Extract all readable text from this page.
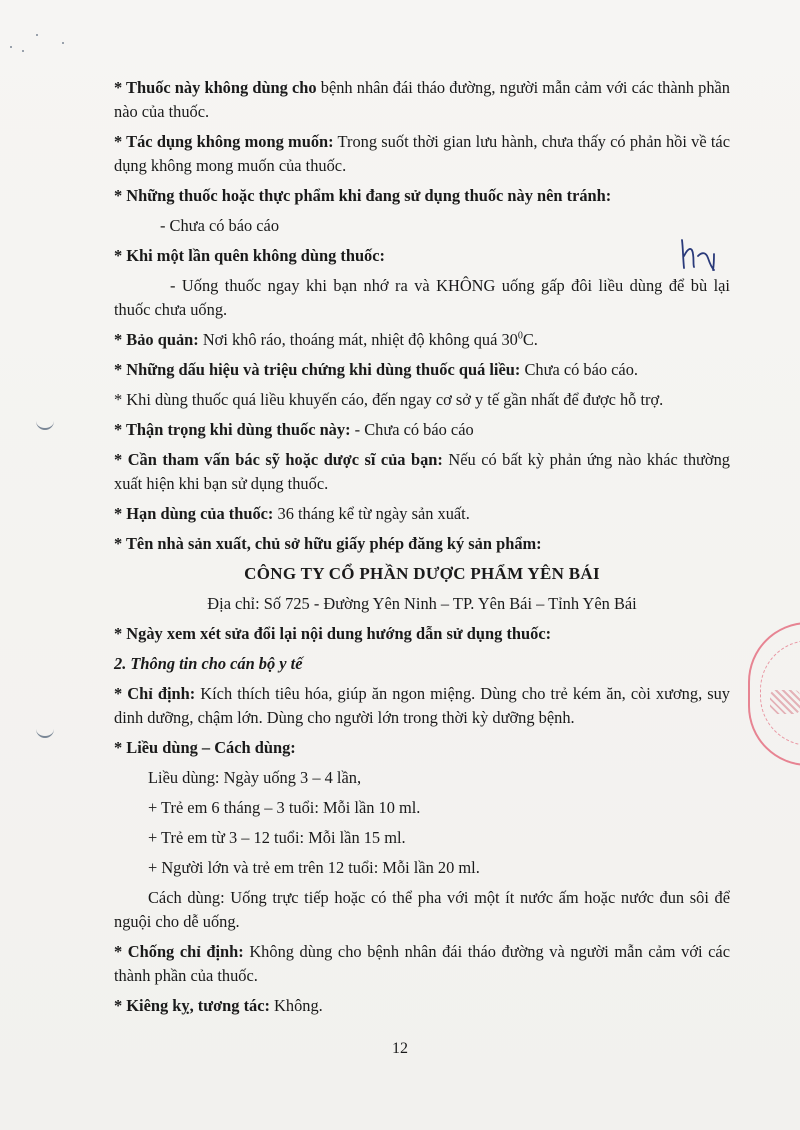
* Thuốc này không dùng cho bệnh nhân đái tháo đường, người mẫn cảm với các thành phần nào của thuốc.

* Tác dụng không mong muốn: Trong suốt thời gian lưu hành, chưa thấy có phản hồi về tác dụng không mong muốn của thuốc.

* Những thuốc hoặc thực phẩm khi đang sử dụng thuốc này nên tránh:

- Chưa có báo cáo

* Khi một lần quên không dùng thuốc:

- Uống thuốc ngay khi bạn nhớ ra và KHÔNG uống gấp đôi liều dùng để bù lại thuốc chưa uống.

* Bảo quản: Nơi khô ráo, thoáng mát, nhiệt độ không quá $30^0C$.

* Những dấu hiệu và triệu chứng khi dùng thuốc quá liều: Chưa có báo cáo.

* Khi dùng thuốc quá liều khuyến cáo, đến ngay cơ sở y tế gần nhất để được hỗ trợ.

* Thận trọng khi dùng thuốc này: - Chưa có báo cáo

* Cần tham vấn bác sỹ hoặc dược sĩ của bạn: Nếu có bất kỳ phản ứng nào khác thường xuất hiện khi bạn sử dụng thuốc.

* Hạn dùng của thuốc: 36 tháng kể từ ngày sản xuất.

* Tên nhà sản xuất, chủ sở hữu giấy phép đăng ký sản phẩm:

CÔNG TY CỔ PHẦN DƯỢC PHẨM YÊN BÁI

Địa chỉ: Số 725 - Đường Yên Ninh – TP. Yên Bái – Tỉnh Yên Bái

* Ngày xem xét sửa đổi lại nội dung hướng dẫn sử dụng thuốc:

2. Thông tin cho cán bộ y tế

* Chỉ định: Kích thích tiêu hóa, giúp ăn ngon miệng. Dùng cho trẻ kém ăn, còi xương, suy dinh dưỡng, chậm lớn. Dùng cho người lớn trong thời kỳ dưỡng bệnh.

* Liều dùng – Cách dùng:

Liều dùng: Ngày uống 3 – 4 lần,

+ Trẻ em 6 tháng – 3 tuổi: Mỗi lần 10 ml.

+ Trẻ em từ 3 – 12 tuổi: Mỗi lần 15 ml.

+ Người lớn và trẻ em trên 12 tuổi: Mỗi lần 20 ml.

Cách dùng: Uống trực tiếp hoặc có thể pha với một ít nước ấm hoặc nước đun sôi để nguội cho dễ uống.

* Chống chỉ định: Không dùng cho bệnh nhân đái tháo đường và người mẫn cảm với các thành phần của thuốc.

* Kiêng kỵ, tương tác: Không.

12
